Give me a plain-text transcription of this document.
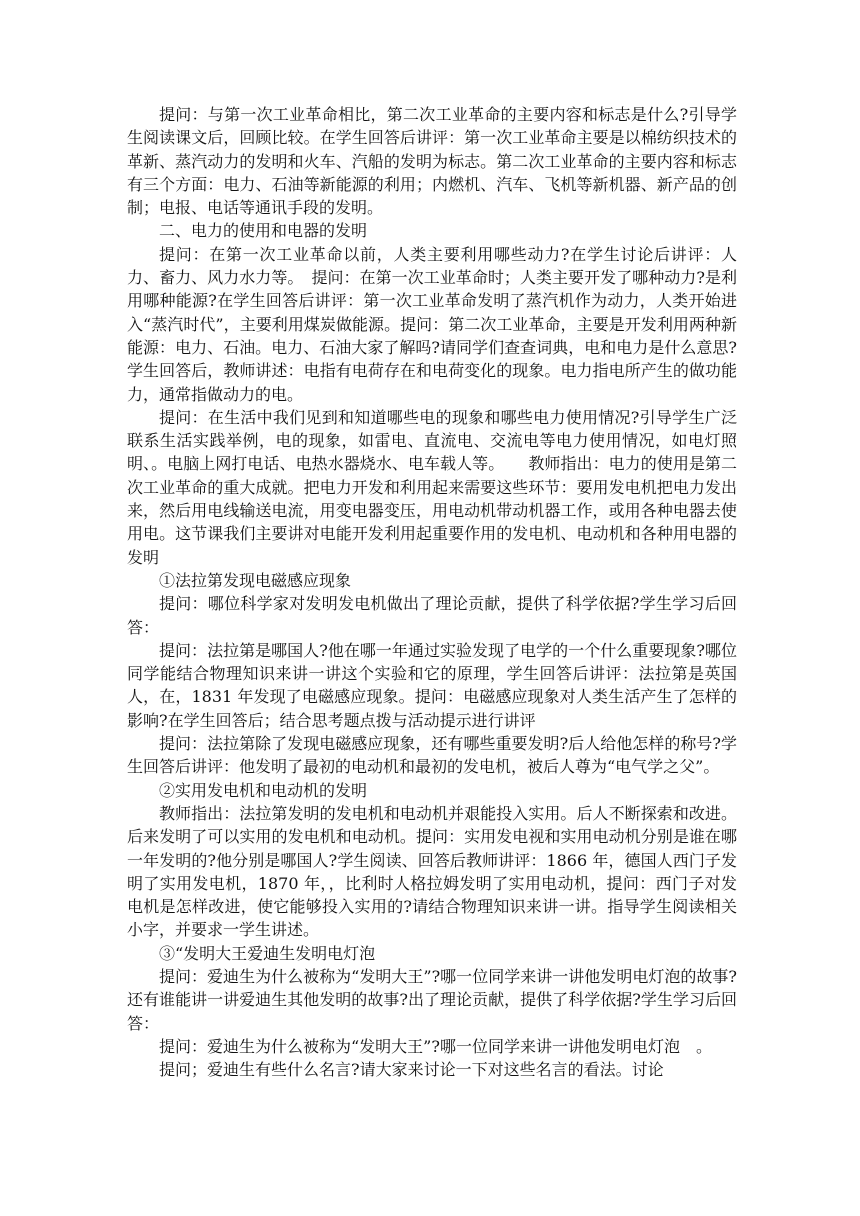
提问：与第一次工业革命相比，第二次工业革命的主要内容和标志是什么?引导学生阅读课文后，回顾比较。在学生回答后讲评：第一次工业革命主要是以棉纺织技术的革新、蒸汽动力的发明和火车、汽船的发明为标志。第二次工业革命的主要内容和标志有三个方面：电力、石油等新能源的利用；内燃机、汽车、飞机等新机器、新产品的创制；电报、电话等通讯手段的发明。

二、电力的使用和电器的发明

提问：在第一次工业革命以前，人类主要利用哪些动力?在学生讨论后讲评：人力、畜力、风力水力等。　提问：在第一次工业革命时；人类主要开发了哪种动力?是利用哪种能源?在学生回答后讲评：第一次工业革命发明了蒸汽机作为动力，人类开始进入“蒸汽时代”，主要利用煤炭做能源。提问：第二次工业革命，主要是开发利用两种新能源：电力、石油。电力、石油大家了解吗?请同学们查查词典，电和电力是什么意思?学生回答后，教师讲述：电指有电荷存在和电荷变化的现象。电力指电所产生的做功能力，通常指做动力的电。

提问：在生活中我们见到和知道哪些电的现象和哪些电力使用情况?引导学生广泛联系生活实践举例，电的现象，如雷电、直流电、交流电等电力使用情况，如电灯照明、。电脑上网打电话、电热水器烧水、电车载人等。　　教师指出：电力的使用是第二次工业革命的重大成就。把电力开发和利用起来需要这些环节：要用发电机把电力发出来，然后用电线输送电流，用变电器变压，用电动机带动机器工作，或用各种电器去使用电。这节课我们主要讲对电能开发利用起重要作用的发电机、电动机和各种用电器的发明

①法拉第发现电磁感应现象

提问：哪位科学家对发明发电机做出了理论贡献，提供了科学依据?学生学习后回答：

提问：法拉第是哪国人?他在哪一年通过实验发现了电学的一个什么重要现象?哪位同学能结合物理知识来讲一讲这个实验和它的原理，学生回答后讲评：法拉第是英国人，在，1831 年发现了电磁感应现象。提问：电磁感应现象对人类生活产生了怎样的影响?在学生回答后；结合思考题点拨与活动提示进行讲评

提问：法拉第除了发现电磁感应现象，还有哪些重要发明?后人给他怎样的称号?学生回答后讲评：他发明了最初的电动机和最初的发电机，被后人尊为“电气学之父”。

②实用发电机和电动机的发明

教师指出：法拉第发明的发电机和电动机并艰能投入实用。后人不断探索和改进。后来发明了可以实用的发电机和电动机。提问：实用发电视和实用电动机分别是谁在哪一年发明的?他分别是哪国人?学生阅读、回答后教师讲评：1866 年，德国人西门子发明了实用发电机，1870 年，，比利时人格拉姆发明了实用电动机，提问：西门子对发电机是怎样改进，使它能够投入实用的?请结合物理知识来讲一讲。指导学生阅读相关小字，并要求一学生讲述。

③“发明大王爱迪生发明电灯泡

提问：爱迪生为什么被称为“发明大王”?哪一位同学来讲一讲他发明电灯泡的故事?还有谁能讲一讲爱迪生其他发明的故事?出了理论贡献，提供了科学依据?学生学习后回答：

提问：爱迪生为什么被称为“发明大王”?哪一位同学来讲一讲他发明电灯泡　。

提问；爱迪生有些什么名言?请大家来讨论一下对这些名言的看法。讨论
